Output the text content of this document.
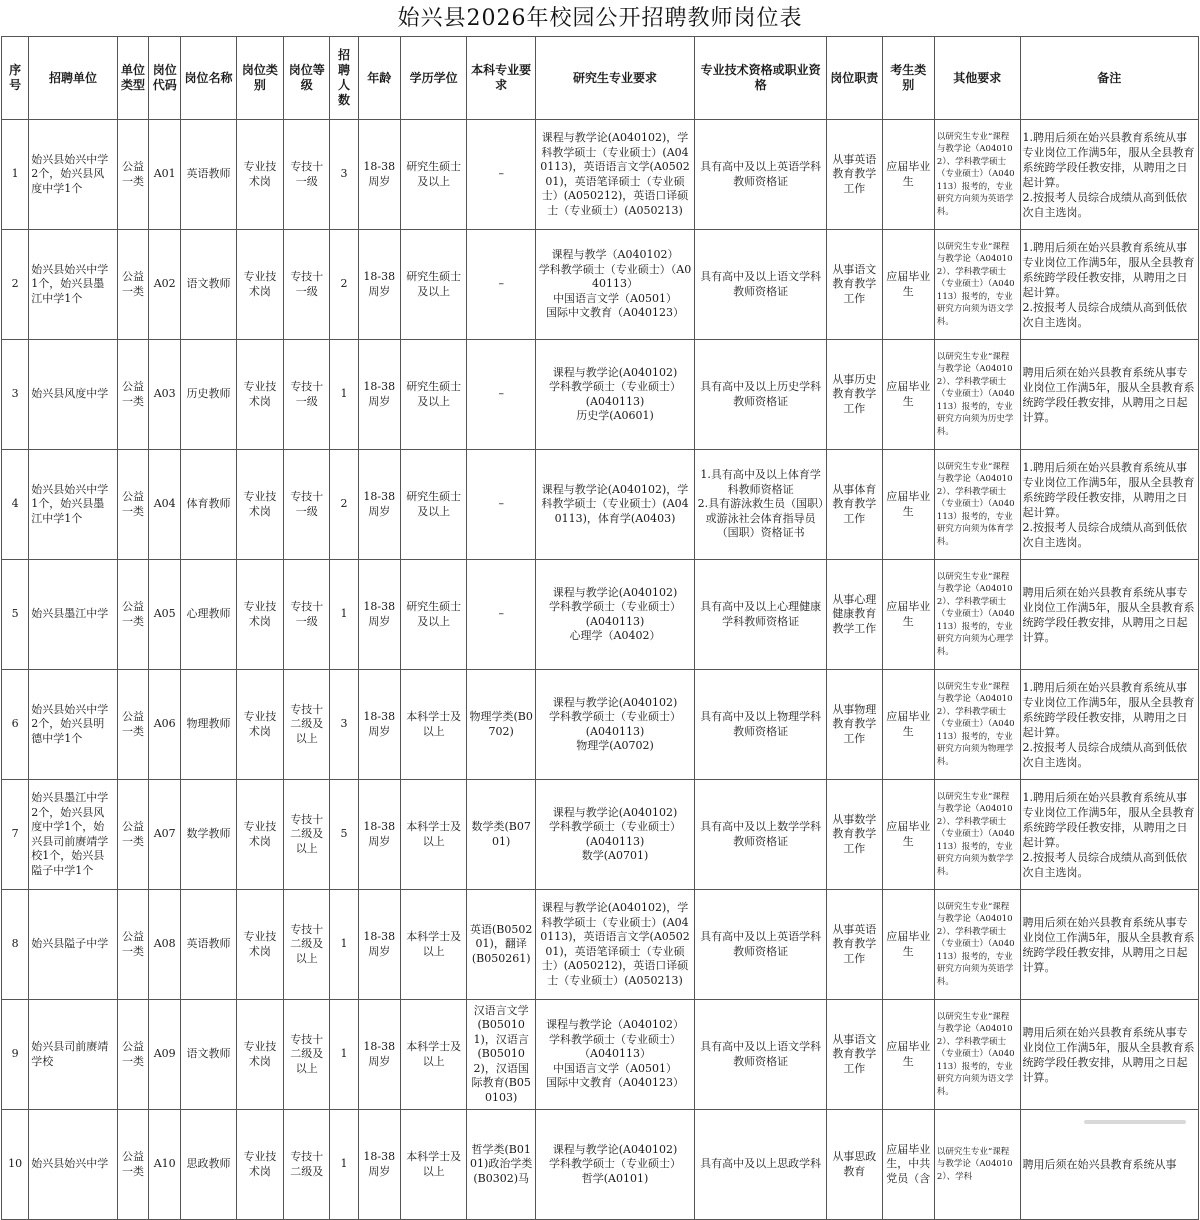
始兴县2026年校园公开招聘教师岗位表
序号	招聘单位	单位类型	岗位代码	岗位名称	岗位类别	岗位等级	招聘人数	年龄	学历学位	本科专业要求	研究生专业要求	专业技术资格或职业资格	岗位职责	考生类别	其他要求	备注
1	始兴县始兴中学2个，始兴县风度中学1个	公益一类	A01	英语教师	专业技术岗	专技十一级	3	18-38周岁	研究生硕士及以上	–	课程与教学论(A040102)，学科教学硕士（专业硕士）(A040113)，英语语言文学(A050201)，英语笔译硕士（专业硕士）(A050212)，英语口译硕士（专业硕士）(A050213)	具有高中及以上英语学科教师资格证	从事英语教育教学工作	应届毕业生	以研究生专业“课程与教学论（A040102）、学科教学硕士（专业硕士）（A040113）报考的，专业研究方向须为英语学科。	1.聘用后须在始兴县教育系统从事专业岗位工作满5年，服从全县教育系统跨学段任教安排，从聘用之日起计算。
2.按报考人员综合成绩从高到低依次自主选岗。
2	始兴县始兴中学1个，始兴县墨江中学1个	公益一类	A02	语文教师	专业技术岗	专技十一级	2	18-38周岁	研究生硕士及以上	–	课程与教学（A040102）
学科教学硕士（专业硕士）（A040113）
中国语言文学（A0501）
国际中文教育（A040123）	具有高中及以上语文学科教师资格证	从事语文教育教学工作	应届毕业生	以研究生专业“课程与教学论（A040102）、学科教学硕士（专业硕士）（A040113）报考的，专业研究方向须为语文学科。	1.聘用后须在始兴县教育系统从事专业岗位工作满5年，服从全县教育系统跨学段任教安排，从聘用之日起计算。
2.按报考人员综合成绩从高到低依次自主选岗。
3	始兴县风度中学	公益一类	A03	历史教师	专业技术岗	专技十一级	1	18-38周岁	研究生硕士及以上	–	课程与教学论(A040102)
学科教学硕士（专业硕士）
(A040113)
历史学(A0601)	具有高中及以上历史学科教师资格证	从事历史教育教学工作	应届毕业生	以研究生专业“课程与教学论（A040102）、学科教学硕士（专业硕士）（A040113）报考的，专业研究方向须为历史学科。	聘用后须在始兴县教育系统从事专业岗位工作满5年，服从全县教育系统跨学段任教安排，从聘用之日起计算。
4	始兴县始兴中学1个，始兴县墨江中学1个	公益一类	A04	体育教师	专业技术岗	专技十一级	2	18-38周岁	研究生硕士及以上	–	课程与教学论(A040102)，学科教学硕士（专业硕士）(A040113)，体育学(A0403)	1.具有高中及以上体育学科教师资格证
2.具有游泳救生员（国职）或游泳社会体育指导员（国职）资格证书	从事体育教育教学工作	应届毕业生	以研究生专业“课程与教学论（A040102）、学科教学硕士（专业硕士）（A040113）报考的，专业研究方向须为体育学科。	1.聘用后须在始兴县教育系统从事专业岗位工作满5年，服从全县教育系统跨学段任教安排，从聘用之日起计算。
2.按报考人员综合成绩从高到低依次自主选岗。
5	始兴县墨江中学	公益一类	A05	心理教师	专业技术岗	专技十一级	1	18-38周岁	研究生硕士及以上	–	课程与教学论(A040102)
学科教学硕士（专业硕士）
(A040113)
心理学（A0402）	具有高中及以上心理健康学科教师资格证	从事心理健康教育教学工作	应届毕业生	以研究生专业“课程与教学论（A040102）、学科教学硕士（专业硕士）（A040113）报考的，专业研究方向须为心理学科。	聘用后须在始兴县教育系统从事专业岗位工作满5年，服从全县教育系统跨学段任教安排，从聘用之日起计算。
6	始兴县始兴中学2个，始兴县明德中学1个	公益一类	A06	物理教师	专业技术岗	专技十二级及以上	3	18-38周岁	本科学士及以上	物理学类(B0702)	课程与教学论(A040102)
学科教学硕士（专业硕士）
(A040113)
物理学(A0702)	具有高中及以上物理学科教师资格证	从事物理教育教学工作	应届毕业生	以研究生专业“课程与教学论（A040102）、学科教学硕士（专业硕士）（A040113）报考的，专业研究方向须为物理学科。	1.聘用后须在始兴县教育系统从事专业岗位工作满5年，服从全县教育系统跨学段任教安排，从聘用之日起计算。
2.按报考人员综合成绩从高到低依次自主选岗。
7	始兴县墨江中学2个，始兴县风度中学1个，始兴县司前赓靖学校1个，始兴县隘子中学1个	公益一类	A07	数学教师	专业技术岗	专技十二级及以上	5	18-38周岁	本科学士及以上	数学类(B0701)	课程与教学论(A040102)
学科教学硕士（专业硕士）
(A040113)
数学(A0701)	具有高中及以上数学学科教师资格证	从事数学教育教学工作	应届毕业生	以研究生专业“课程与教学论（A040102）、学科教学硕士（专业硕士）（A040113）报考的，专业研究方向须为数学学科。	1.聘用后须在始兴县教育系统从事专业岗位工作满5年，服从全县教育系统跨学段任教安排，从聘用之日起计算。
2.按报考人员综合成绩从高到低依次自主选岗。
8	始兴县隘子中学	公益一类	A08	英语教师	专业技术岗	专技十二级及以上	1	18-38周岁	本科学士及以上	英语(B050201)，翻译(B050261)	课程与教学论(A040102)，学科教学硕士（专业硕士）(A040113)，英语语言文学(A050201)，英语笔译硕士（专业硕士）(A050212)，英语口译硕士（专业硕士）(A050213)	具有高中及以上英语学科教师资格证	从事英语教育教学工作	应届毕业生	以研究生专业“课程与教学论（A040102）、学科教学硕士（专业硕士）（A040113）报考的，专业研究方向须为英语学科。	聘用后须在始兴县教育系统从事专业岗位工作满5年，服从全县教育系统跨学段任教安排，从聘用之日起计算。
9	始兴县司前赓靖学校	公益一类	A09	语文教师	专业技术岗	专技十二级及以上	1	18-38周岁	本科学士及以上	汉语言文学(B050101)，汉语言(B050102)，汉语国际教育(B050103)	课程与教学论（A040102）
学科教学硕士（专业硕士）
（A040113）
中国语言文学（A0501）
国际中文教育（A040123）	具有高中及以上语文学科教师资格证	从事语文教育教学工作	应届毕业生	以研究生专业“课程与教学论（A040102）、学科教学硕士（专业硕士）（A040113）报考的，专业研究方向须为语文学科。	聘用后须在始兴县教育系统从事专业岗位工作满5年，服从全县教育系统跨学段任教安排，从聘用之日起计算。
10	始兴县始兴中学	公益一类	A10	思政教师	专业技术岗	专技十二级及	1	18-38周岁	本科学士及以上	哲学类(B0101)政治学类(B0302)马	课程与教学论(A040102)
学科教学硕士（专业硕士）
哲学(A0101)	具有高中及以上思政学科	从事思政教育	应届毕业生，中共党员（含	以研究生专业“课程与教学论（A040102）、学科	聘用后须在始兴县教育系统从事
